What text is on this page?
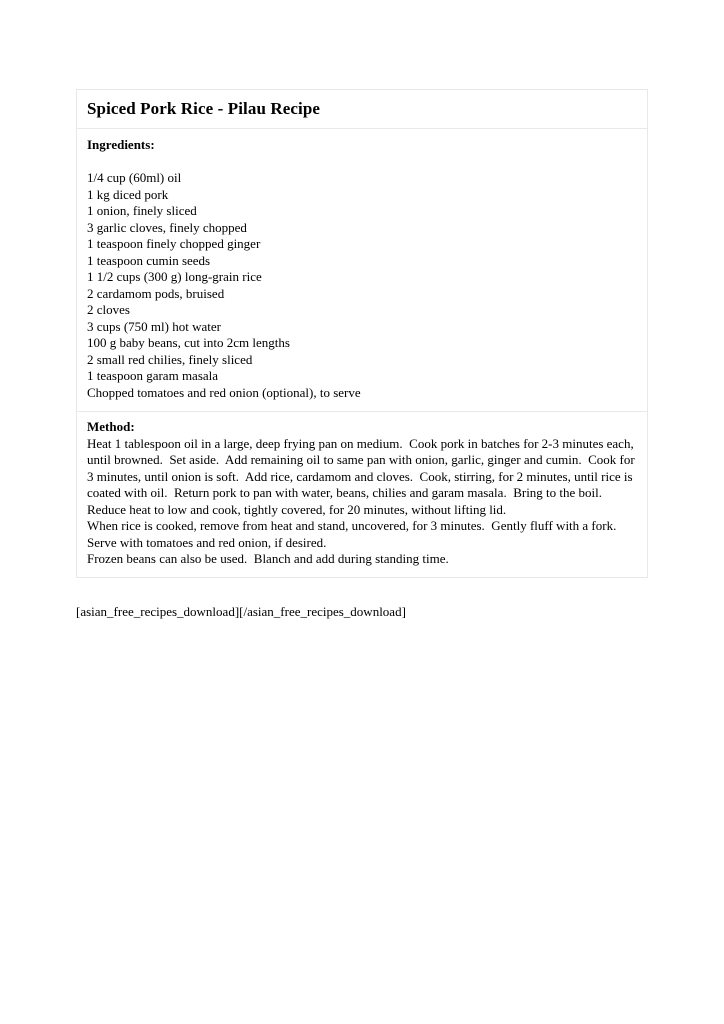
Spiced Pork Rice - Pilau Recipe
Ingredients:

1/4 cup (60ml) oil
1 kg diced pork
1 onion, finely sliced
3 garlic cloves, finely chopped
1 teaspoon finely chopped ginger
1 teaspoon cumin seeds
1 1/2 cups (300 g) long-grain rice
2 cardamom pods, bruised
2 cloves
3 cups (750 ml) hot water
100 g baby beans, cut into 2cm lengths
2 small red chilies, finely sliced
1 teaspoon garam masala
Chopped tomatoes and red onion (optional), to serve
Method:

Heat 1 tablespoon oil in a large, deep frying pan on medium.  Cook pork in batches for 2-3 minutes each, until browned.  Set aside.  Add remaining oil to same pan with onion, garlic, ginger and cumin.  Cook for 3 minutes, until onion is soft.  Add rice, cardamom and cloves.  Cook, stirring, for 2 minutes, until rice is coated with oil.  Return pork to pan with water, beans, chilies and garam masala.  Bring to the boil.  Reduce heat to low and cook, tightly covered, for 20 minutes, without lifting lid.

When rice is cooked, remove from heat and stand, uncovered, for 3 minutes.  Gently fluff with a fork.  Serve with tomatoes and red onion, if desired.

Frozen beans can also be used.  Blanch and add during standing time.

[asian_free_recipes_download][/asian_free_recipes_download]
